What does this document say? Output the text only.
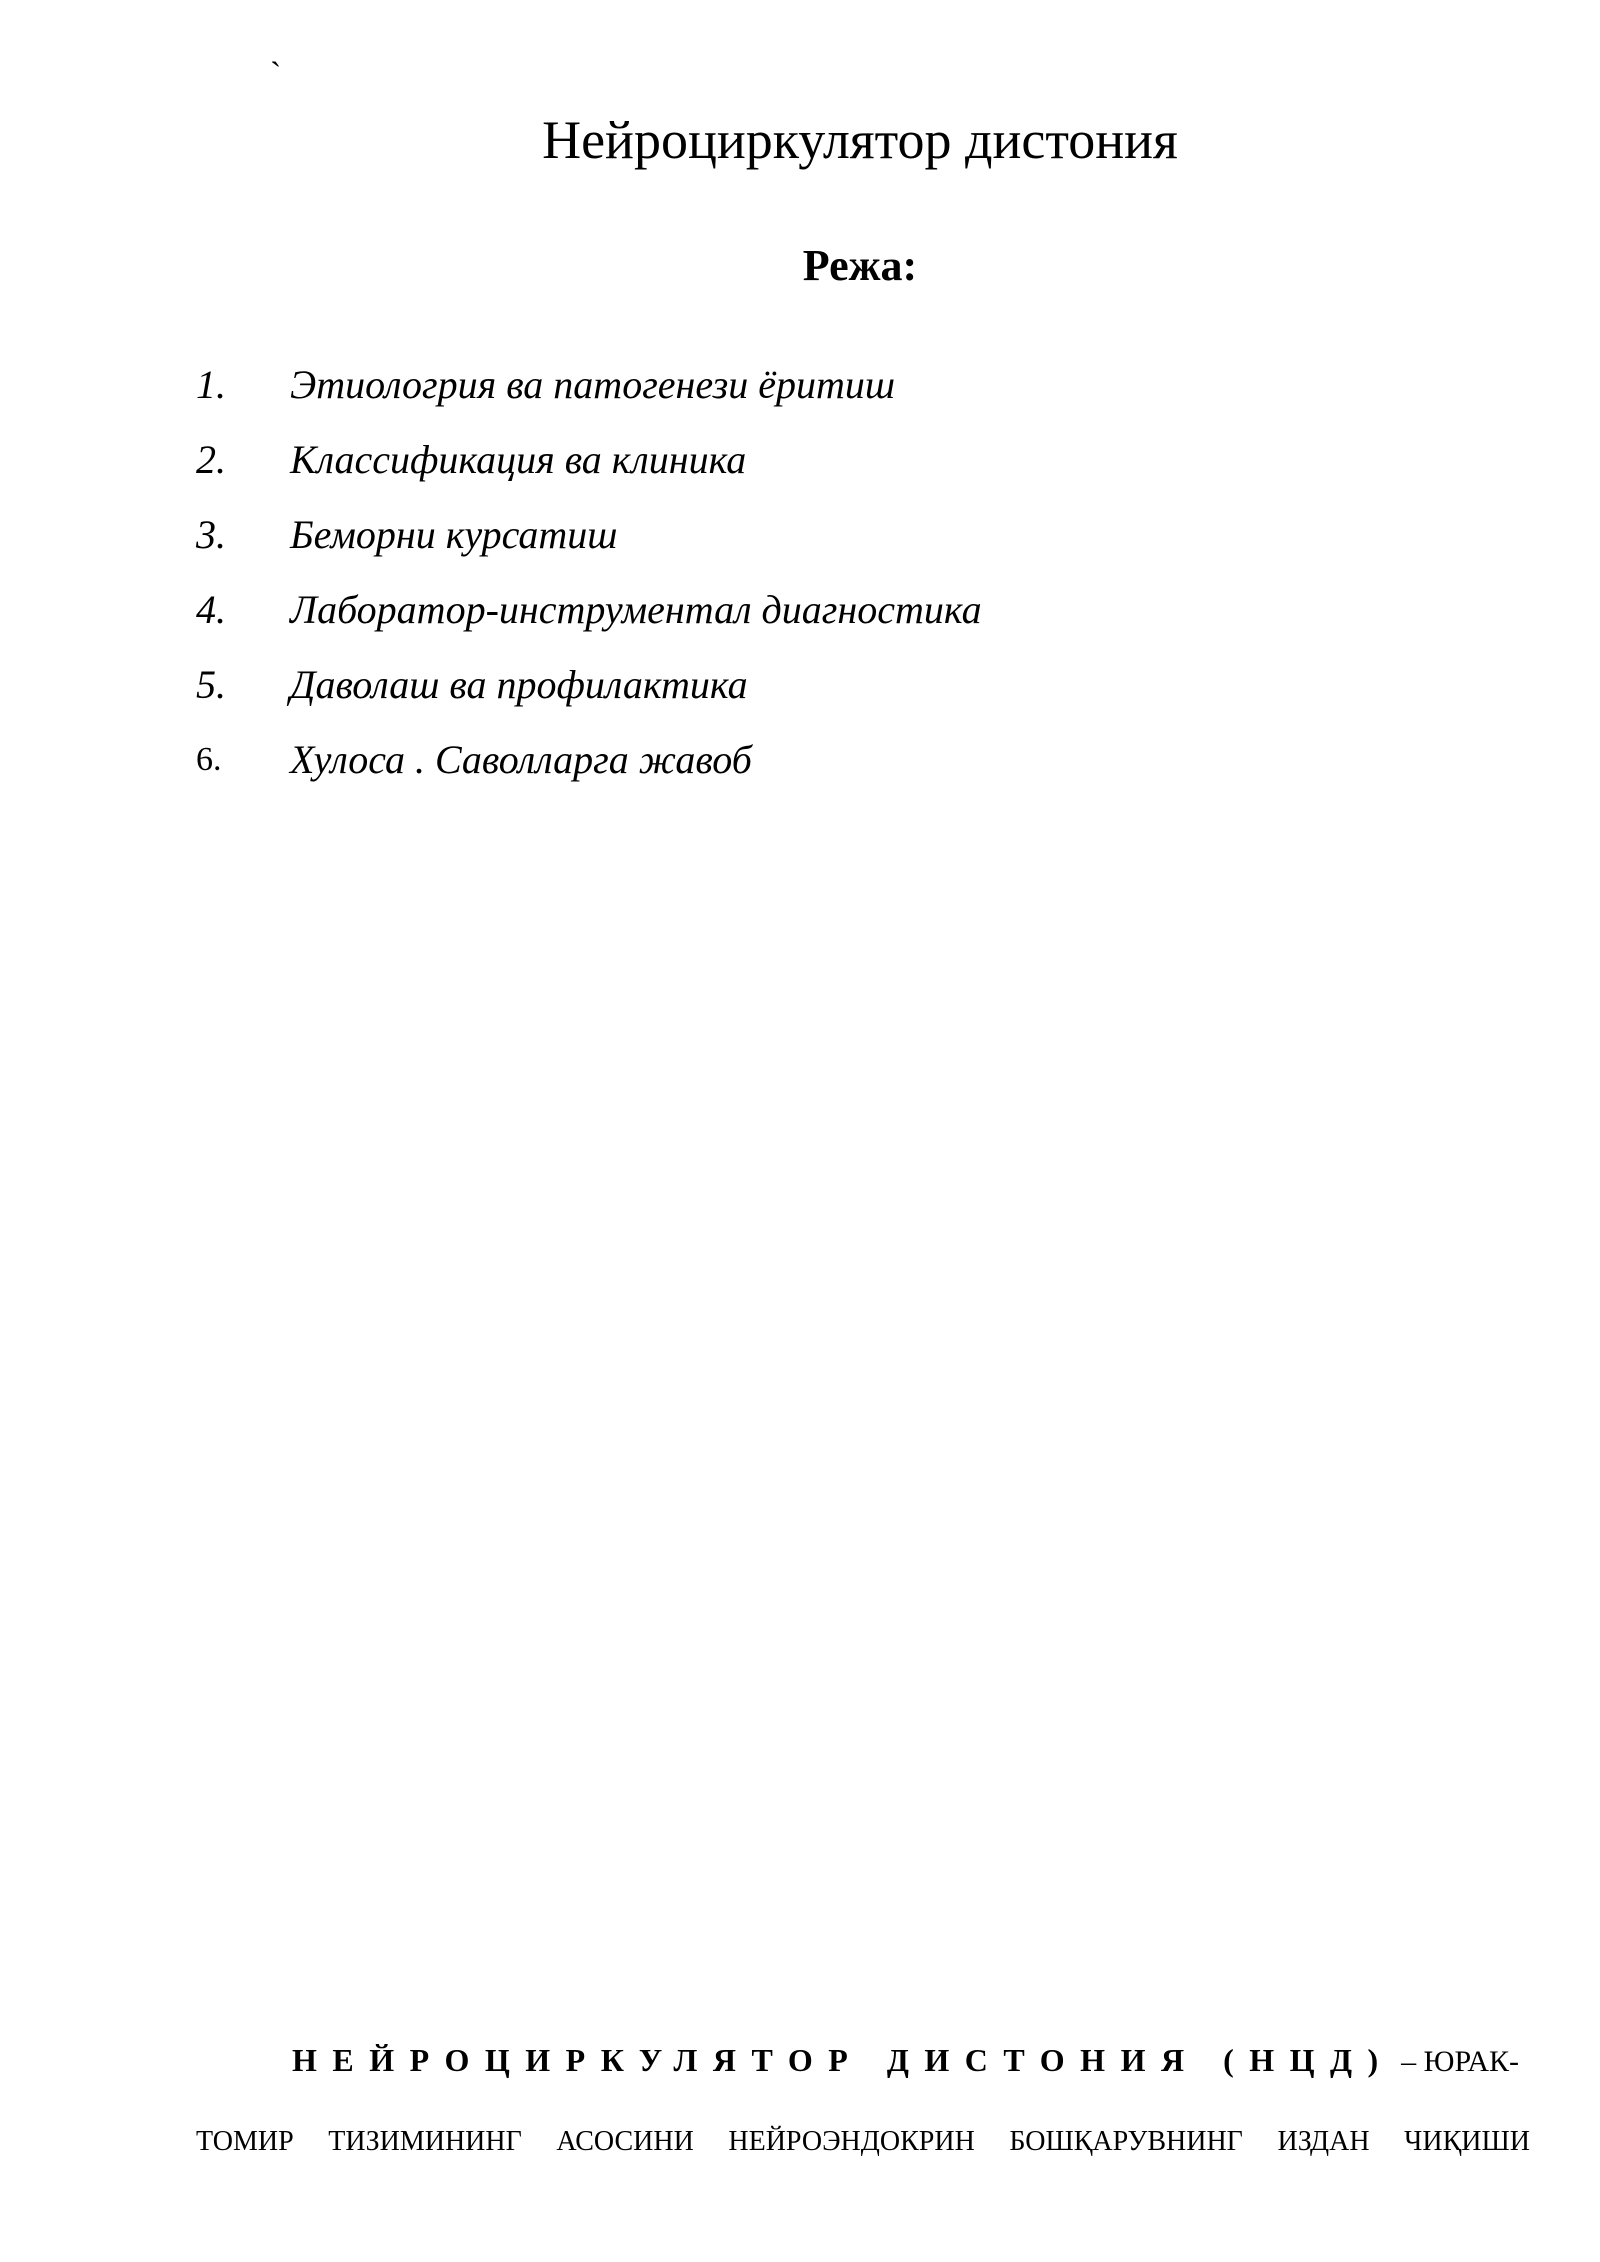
`
Нейроциркулятор дистония
Режа:
1. Этиологрия ва патогенези ёритиш
2. Классификация ва клиника
3. Беморни курсатиш
4. Лаборатор-инструментал диагностика
5. Даволаш ва профилактика
6. Хулоса . Саволларга жавоб
НЕЙРОЦИРКУЛЯТОР ДИСТОНИЯ (НЦД) – ЮРАК-
ТОМИР ТИЗИМИНИНГ АСОСИНИ НЕЙРОЭНДОКРИН БОШҚАРУВНИНГ ИЗДАН ЧИҚИШИ
